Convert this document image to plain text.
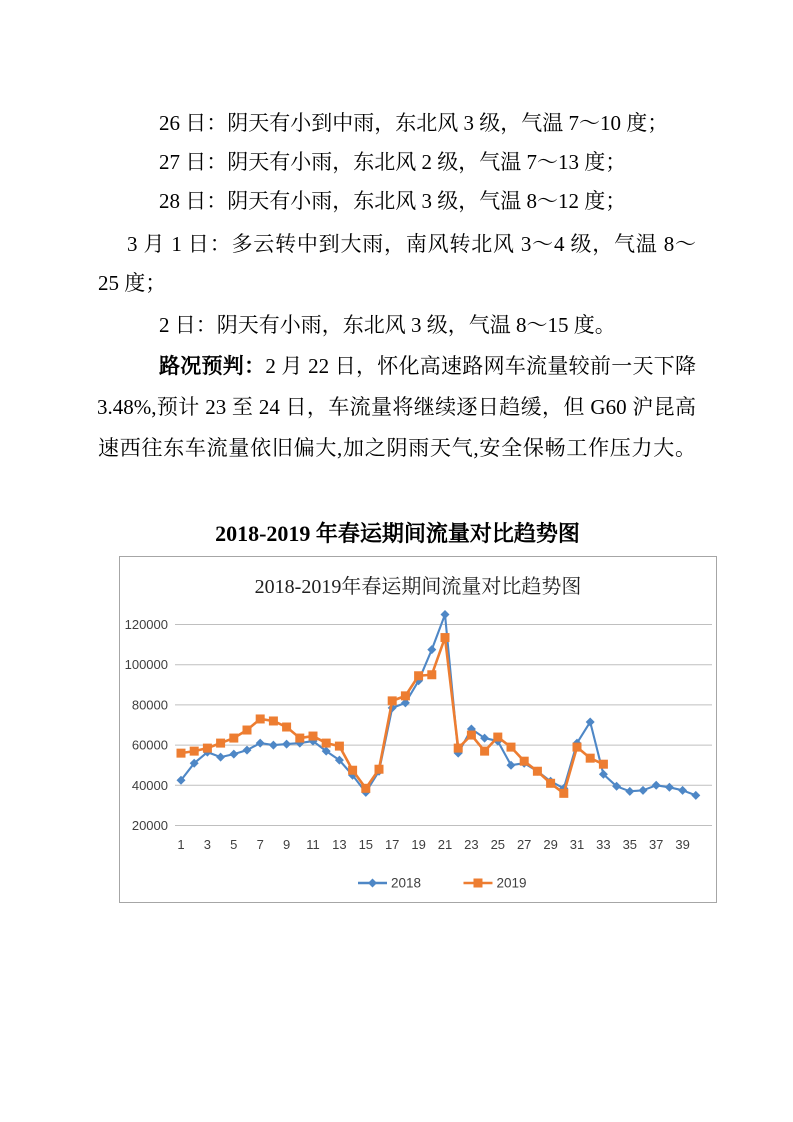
26 日：阴天有小到中雨，东北风 3 级，气温 7～10 度；
27 日：阴天有小雨，东北风 2 级，气温 7～13 度；
28 日：阴天有小雨，东北风 3 级，气温 8～12 度；
3 月 1 日：多云转中到大雨，南风转北风 3～4 级，气温 8～
25 度；
2 日：阴天有小雨，东北风 3 级，气温 8～15 度。
路况预判：2 月 22 日，怀化高速路网车流量较前一天下降
3.48%,预计 23 至 24 日，车流量将继续逐日趋缓，但 G60 沪昆高
速西往东车流量依旧偏大,加之阴雨天气,安全保畅工作压力大。
2018-2019 年春运期间流量对比趋势图
20000
40000
60000
80000
100000
120000
1 3 5 7 9 11 13 15 17 19 21 23 25 27 29 31 33 35 37 39
2018	2019
2018-2019年春运期间流量对比趋势图
